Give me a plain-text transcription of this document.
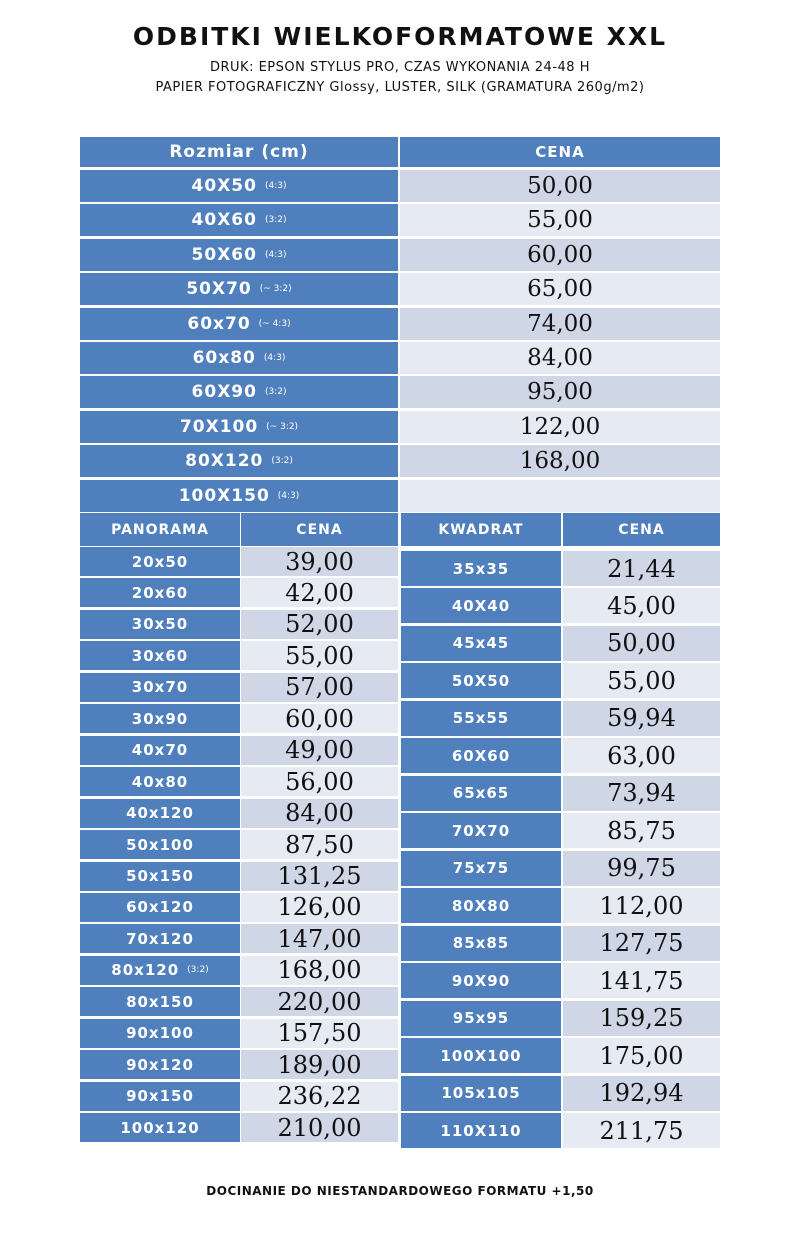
ODBITKI WIELKOFORMATOWE XXL
DRUK: EPSON STYLUS PRO, CZAS WYKONANIA 24-48 H
PAPIER FOTOGRAFICZNY Glossy, LUSTER, SILK (GRAMATURA 260g/m2)
Rozmiar (cm)	CENA
40X50 (4:3)	50,00
40X60 (3:2)	55,00
50X60 (4:3)	60,00
50X70 (~ 3:2)	65,00
60x70 (~ 4:3)	74,00
60x80 (4:3)	84,00
60X90 (3:2)	95,00
70X100 (~ 3:2)	122,00
80X120 (3:2)	168,00
100X150 (4:3)
PANORAMA	CENA
20x50	39,00
20x60	42,00
30x50	52,00
30x60	55,00
30x70	57,00
30x90	60,00
40x70	49,00
40x80	56,00
40x120	84,00
50x100	87,50
50x150	131,25
60x120	126,00
70x120	147,00
80x120 (3:2)	168,00
80x150	220,00
90x100	157,50
90x120	189,00
90x150	236,22
100x120	210,00
KWADRAT	CENA
35x35	21,44
40X40	45,00
45x45	50,00
50X50	55,00
55x55	59,94
60X60	63,00
65x65	73,94
70X70	85,75
75x75	99,75
80X80	112,00
85x85	127,75
90X90	141,75
95x95	159,25
100X100	175,00
105x105	192,94
110X110	211,75
DOCINANIE DO NIESTANDARDOWEGO FORMATU +1,50
